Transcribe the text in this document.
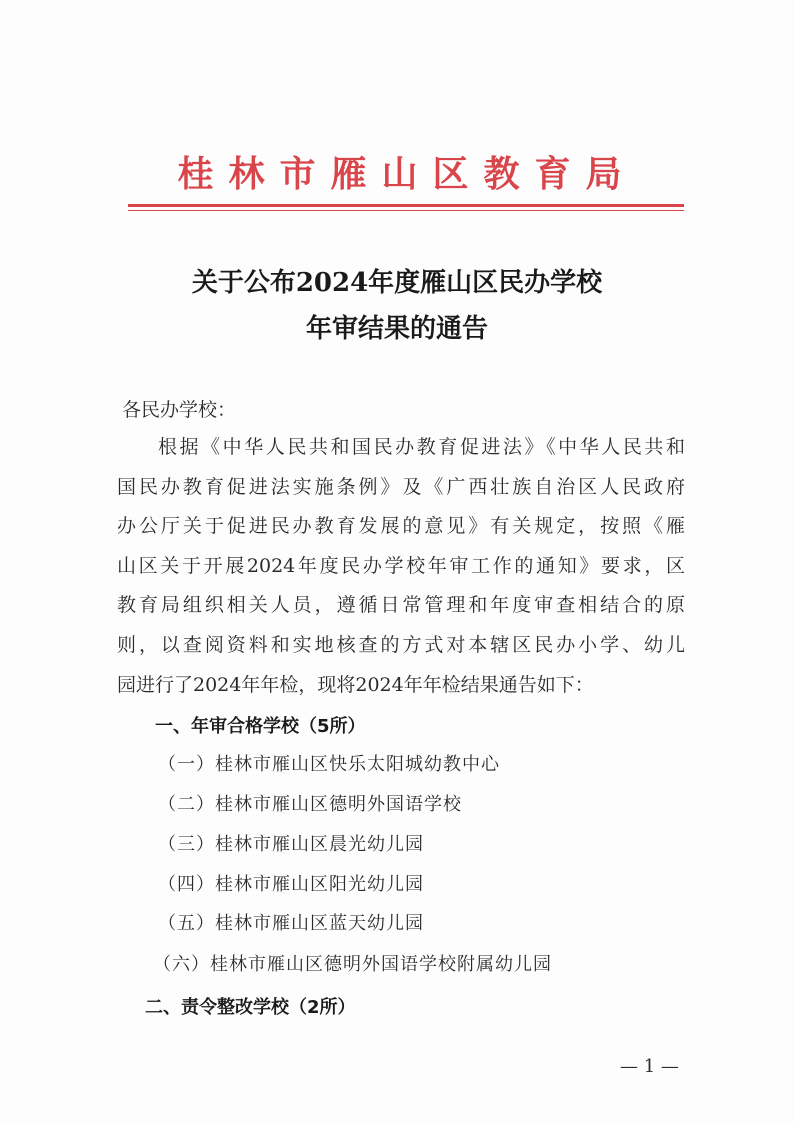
桂林市雁山区教育局
关于公布2024年度雁山区民办学校
年审结果的通告
各民办学校：
根据《中华人民共和国民办教育促进法》《中华人民共和
国民办教育促进法实施条例》及《广西壮族自治区人民政府
办公厅关于促进民办教育发展的意见》有关规定，按照《雁
山区关于开展2024年度民办学校年审工作的通知》要求，区
教育局组织相关人员，遵循日常管理和年度审查相结合的原
则，以查阅资料和实地核查的方式对本辖区民办小学、幼儿
园进行了2024年年检，现将2024年年检结果通告如下：
一、年审合格学校（5所）
（一）桂林市雁山区快乐太阳城幼教中心
（二）桂林市雁山区德明外国语学校
（三）桂林市雁山区晨光幼儿园
（四）桂林市雁山区阳光幼儿园
（五）桂林市雁山区蓝天幼儿园
（六）桂林市雁山区德明外国语学校附属幼儿园
二、责令整改学校（2所）
— 1 —
